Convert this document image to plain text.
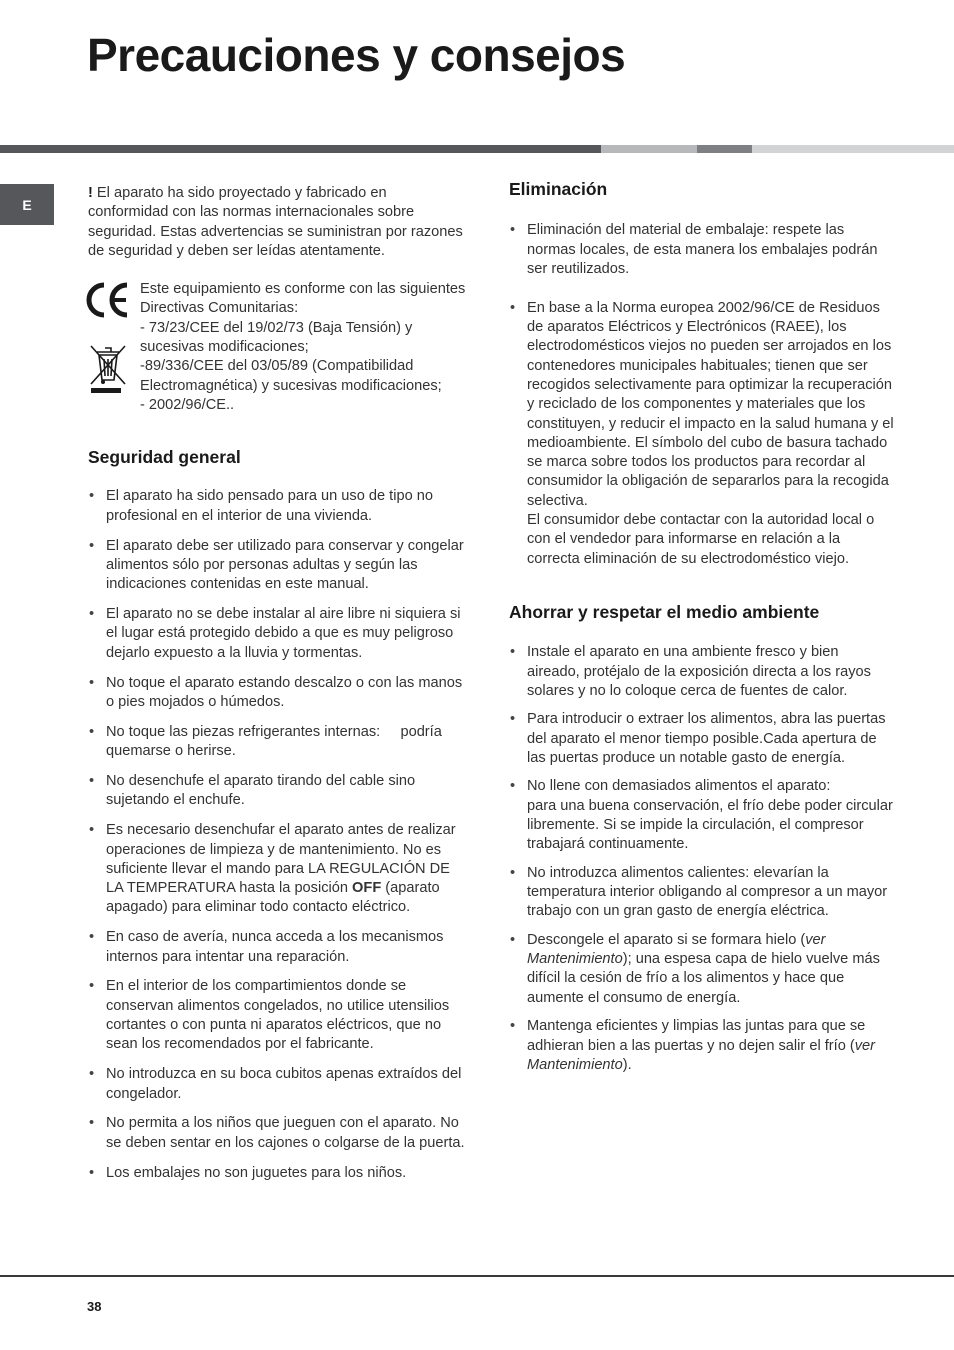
Precauciones y consejos
E

! El aparato ha sido proyectado y fabricado en conformidad con las normas internacionales sobre seguridad. Estas advertencias se suministran por razones de seguridad y deben ser leídas atentamente.

Este equipamiento es conforme con las siguientes Directivas Comunitarias:
- 73/23/CEE del 19/02/73 (Baja Tensión) y sucesivas modificaciones;
-89/336/CEE del 03/05/89 (Compatibilidad Electromagnética) y sucesivas modificaciones;
- 2002/96/CE..
Seguridad general
• El aparato ha sido pensado para un uso de tipo no profesional en el interior de una vivienda.
• El aparato debe ser utilizado para conservar y congelar alimentos sólo por personas adultas y según las indicaciones contenidas en este manual.
• El aparato no se debe instalar al aire libre ni siquiera si el lugar está protegido debido a que es muy peligroso dejarlo expuesto a la lluvia y tormentas.
• No toque el aparato estando descalzo o con las manos o pies mojados o húmedos.
• No toque las piezas refrigerantes internas:     podría quemarse o herirse.
• No desenchufe el aparato tirando del cable sino sujetando el enchufe.
• Es necesario desenchufar el aparato antes de realizar operaciones de limpieza y de mantenimiento. No es suficiente llevar el mando para LA REGULACIÓN DE LA TEMPERATURA hasta la posición OFF (aparato apagado) para eliminar todo contacto eléctrico.
• En caso de avería, nunca acceda a los mecanismos internos para intentar una reparación.
• En el interior de los compartimientos donde se conservan alimentos congelados, no utilice utensilios cortantes o con punta ni aparatos eléctricos, que no sean los recomendados por el fabricante.
• No introduzca en su boca cubitos apenas extraídos del congelador.
• No permita a los niños que jueguen con el aparato. No se deben sentar en los cajones o colgarse de la puerta.
• Los embalajes no son juguetes para los niños.
Eliminación
• Eliminación del material de embalaje: respete las normas locales, de esta manera los embalajes podrán ser reutilizados.
• En base a la Norma europea 2002/96/CE de Residuos de aparatos Eléctricos y Electrónicos (RAEE), los electrodomésticos viejos no pueden ser arrojados en los contenedores municipales habituales; tienen que ser recogidos selectivamente para optimizar la recuperación y reciclado de los componentes y materiales que los constituyen, y reducir el impacto en la salud humana y el medioambiente. El símbolo del cubo de basura tachado se marca sobre todos los productos para recordar al consumidor la obligación de separarlos para la recogida selectiva.
El consumidor debe contactar con la autoridad local o con el vendedor para informarse en relación a la correcta eliminación de su electrodoméstico viejo.
Ahorrar y respetar el medio ambiente
• Instale el aparato en una ambiente fresco y bien aireado, protéjalo de la exposición directa a los rayos solares y no lo coloque cerca de fuentes de calor.
• Para introducir o extraer los alimentos, abra las puertas del aparato el menor tiempo posible.Cada apertura de las puertas produce un notable gasto de energía.
• No llene con demasiados alimentos el aparato:
para una buena conservación, el frío debe poder circular libremente. Si se impide la circulación, el compresor trabajará continuamente.
• No introduzca alimentos calientes: elevarían la temperatura interior obligando al compresor a un mayor trabajo con un gran gasto de energía eléctrica.
• Descongele el aparato si se formara hielo (ver Mantenimiento); una espesa capa de hielo vuelve más difícil la cesión de frío a los alimentos y hace que aumente el consumo de energía.
• Mantenga eficientes y limpias las juntas para que se adhieran bien a las puertas y no dejen salir el frío (ver Mantenimiento).
38
